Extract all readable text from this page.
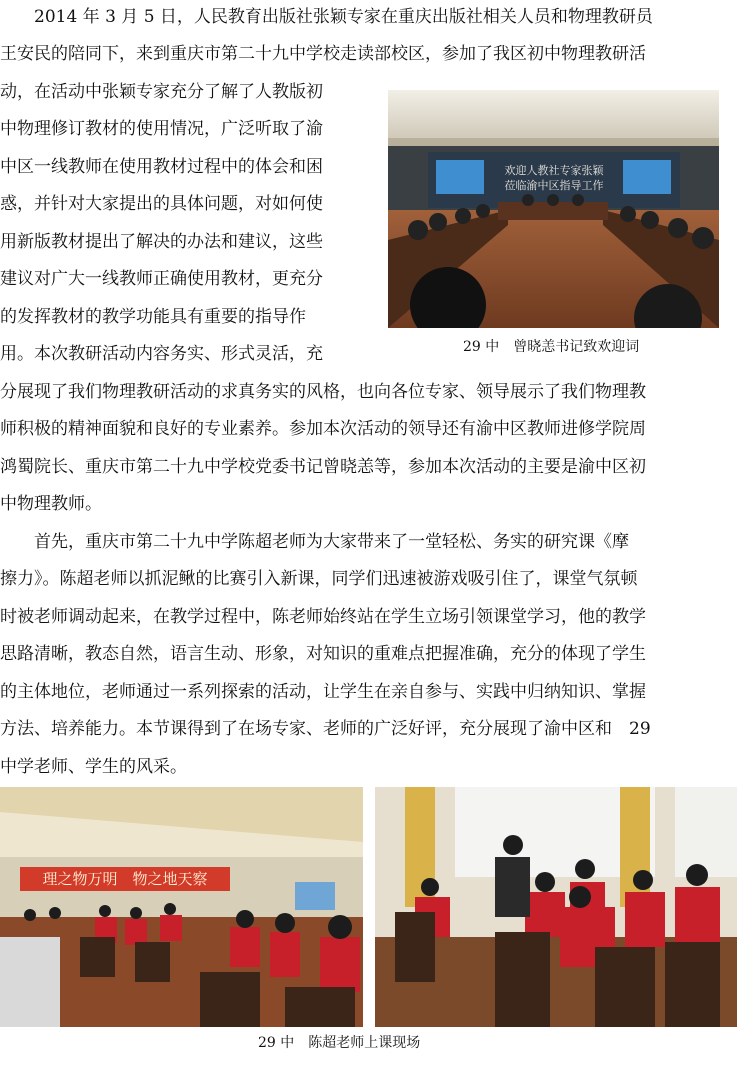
　　2014 年 3 月 5 日，人民教育出版社张颖专家在重庆出版社相关人员和物理教研员
王安民的陪同下，来到重庆市第二十九中学校走读部校区，参加了我区初中物理教研活
动，在活动中张颖专家充分了解了人教版初
中物理修订教材的使用情况，广泛听取了渝
中区一线教师在使用教材过程中的体会和困
惑，并针对大家提出的具体问题，对如何使
用新版教材提出了解决的办法和建议，这些
建议对广大一线教师正确使用教材，更充分
的发挥教材的教学功能具有重要的指导作
用。本次教研活动内容务实、形式灵活，充
分展现了我们物理教研活动的求真务实的风格，也向各位专家、领导展示了我们物理教
师积极的精神面貌和良好的专业素养。参加本次活动的领导还有渝中区教师进修学院周
鸿蜀院长、重庆市第二十九中学校党委书记曾晓恙等，参加本次活动的主要是渝中区初
中物理教师。
　　首先，重庆市第二十九中学陈超老师为大家带来了一堂轻松、务实的研究课《摩
擦力》。陈超老师以抓泥鳅的比赛引入新课，同学们迅速被游戏吸引住了，课堂气氛顿
时被老师调动起来，在教学过程中，陈老师始终站在学生立场引领课堂学习，他的教学
思路清晰，教态自然，语言生动、形象，对知识的重难点把握准确，充分的体现了学生
的主体地位，老师通过一系列探索的活动，让学生在亲自参与、实践中归纳知识、掌握
方法、培养能力。本节课得到了在场专家、老师的广泛好评，充分展现了渝中区和　29
中学老师、学生的风采。
欢迎人教社专家张颖
莅临渝中区指导工作
29 中　曾晓恙书记致欢迎词
理之物万明　物之地天察
29 中　陈超老师上课现场
